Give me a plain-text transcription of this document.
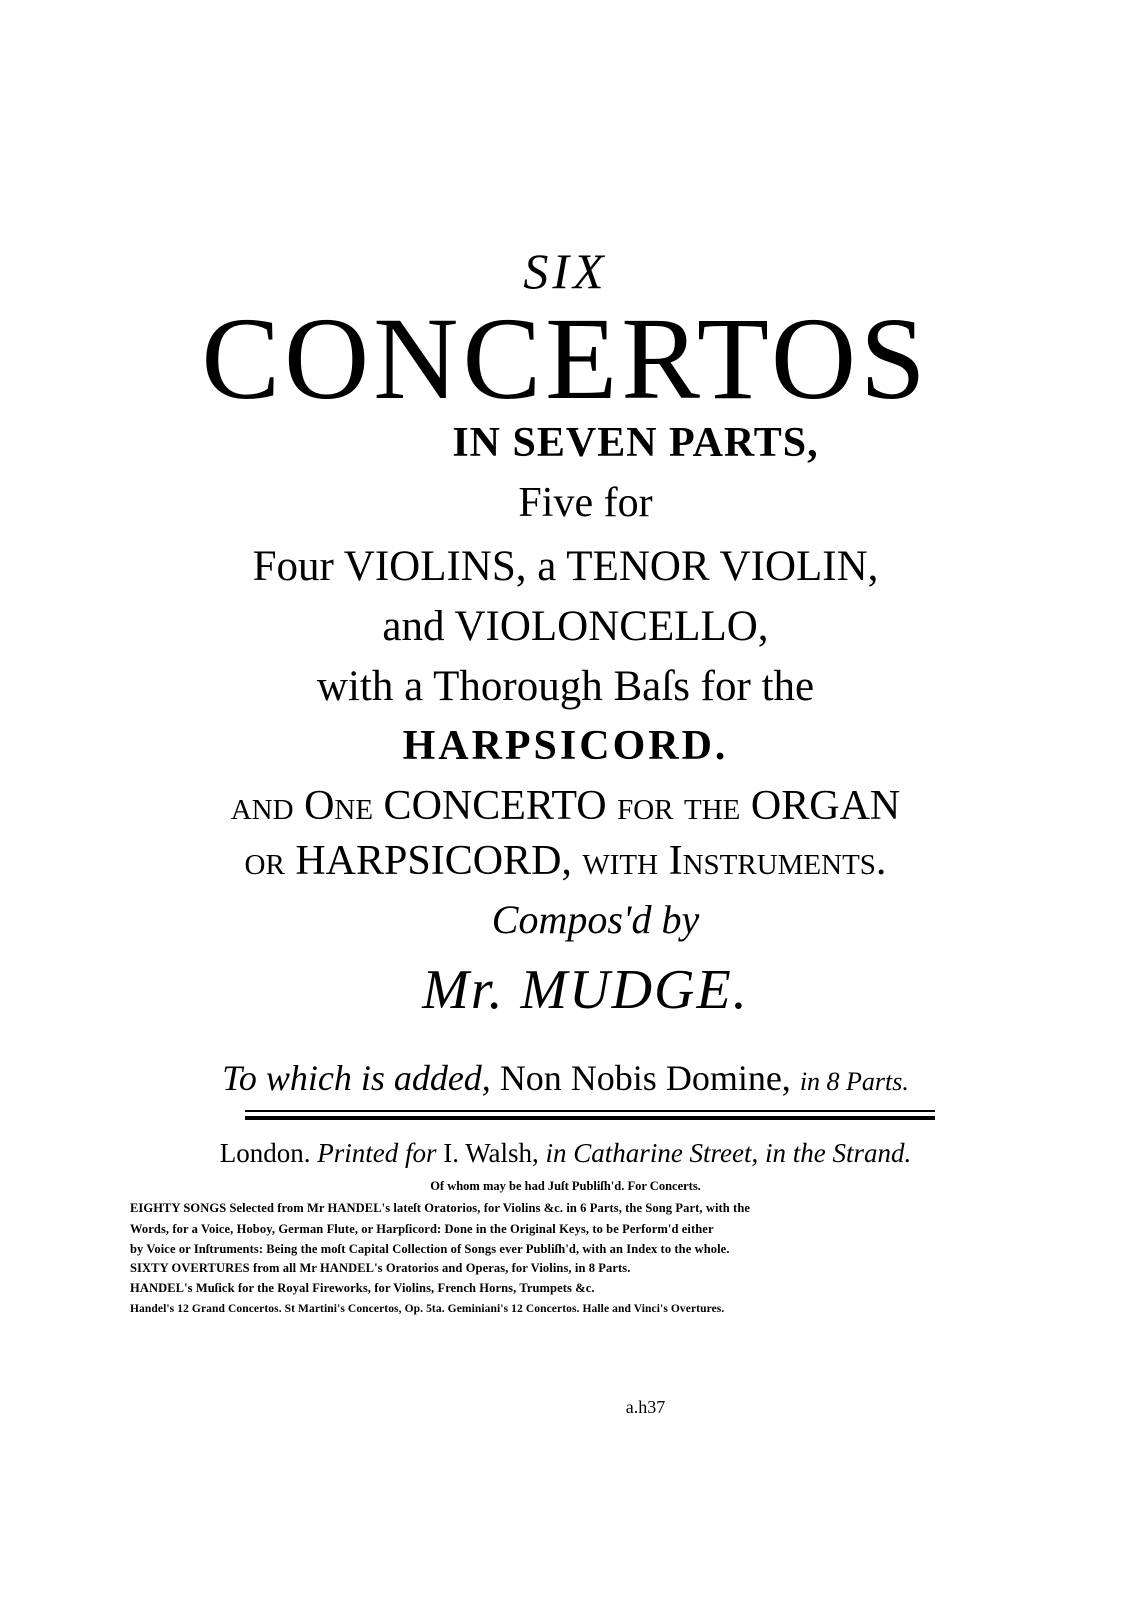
SIX
CONCERTOS
IN SEVEN PARTS,
Five for
Four VIOLINS, a TENOR VIOLIN,
and VIOLONCELLO,
with a Thorough Baſs for the
HARPSICORD.
and One CONCERTO for the ORGAN
or HARPSICORD, with Inſtruments.
Compos'd by
Mr. MUDGE.
To which is added, Non Nobis Domine, in 8 Parts.
London. Printed for I. Walsh, in Catharine Street, in the Strand.
Of whom may be had Juſt Publiſh'd. For Concerts.
EIGHTY SONGS Selected from Mr HANDEL's lateſt Oratorios, for Violins &c. in 6 Parts, the Song Part, with the
Words, for a Voice, Hoboy, German Flute, or Harpſicord: Done in the Original Keys, to be Perform'd either
by Voice or Inſtruments: Being the moſt Capital Collection of Songs ever Publiſh'd, with an Index to the whole.
SIXTY OVERTURES from all Mr HANDEL's Oratorios and Operas, for Violins, in 8 Parts.
HANDEL's Muſick for the Royal Fireworks, for Violins, French Horns, Trumpets &c.
Handel's 12 Grand Concertos. St Martini's Concertos, Op. 5ta. Geminiani's 12 Concertos. Halle and Vinci's Overtures.
a.h37
